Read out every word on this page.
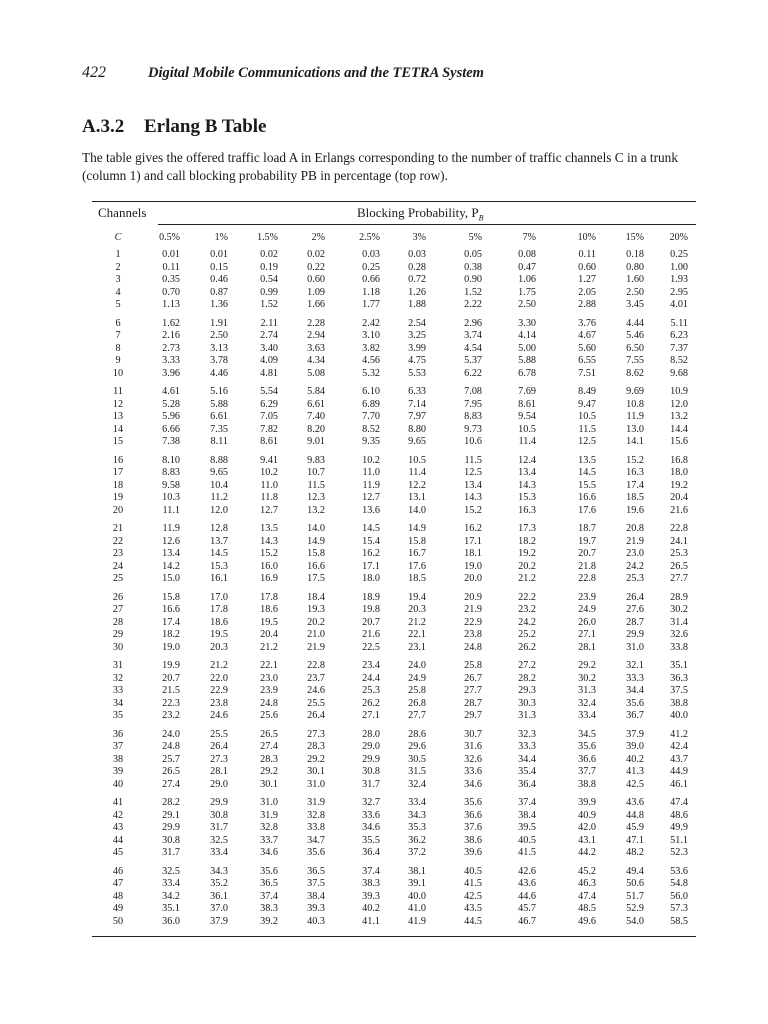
422	Digital Mobile Communications and the TETRA System
A.3.2 Erlang B Table

The table gives the offered traffic load A in Erlangs corresponding to the number of traffic channels C in a trunk (column 1) and call blocking probability PB in percentage (top row).

Channels	Blocking Probability, $P_B$
C	0.5%	1%	1.5%	2%	2.5%	3%	5%	7%	10%	15%	20%
1	0.01	0.01	0.02	0.02	0.03	0.03	0.05	0.08	0.11	0.18	0.25
2	0.11	0.15	0.19	0.22	0.25	0.28	0.38	0.47	0.60	0.80	1.00
3	0.35	0.46	0.54	0.60	0.66	0.72	0.90	1.06	1.27	1.60	1.93
4	0.70	0.87	0.99	1.09	1.18	1.26	1.52	1.75	2.05	2.50	2.95
5	1.13	1.36	1.52	1.66	1.77	1.88	2.22	2.50	2.88	3.45	4.01
6	1.62	1.91	2.11	2.28	2.42	2.54	2.96	3.30	3.76	4.44	5.11
7	2.16	2.50	2.74	2.94	3.10	3.25	3.74	4.14	4.67	5.46	6.23
8	2.73	3.13	3.40	3.63	3.82	3.99	4.54	5.00	5.60	6.50	7.37
9	3.33	3.78	4.09	4.34	4.56	4.75	5.37	5.88	6.55	7.55	8.52
10	3.96	4.46	4.81	5.08	5.32	5.53	6.22	6.78	7.51	8.62	9.68
11	4.61	5.16	5.54	5.84	6.10	6.33	7.08	7.69	8.49	9.69	10.9
12	5.28	5.88	6.29	6.61	6.89	7.14	7.95	8.61	9.47	10.8	12.0
13	5.96	6.61	7.05	7.40	7.70	7.97	8.83	9.54	10.5	11.9	13.2
14	6.66	7.35	7.82	8.20	8.52	8.80	9.73	10.5	11.5	13.0	14.4
15	7.38	8.11	8.61	9.01	9.35	9.65	10.6	11.4	12.5	14.1	15.6
16	8.10	8.88	9.41	9.83	10.2	10.5	11.5	12.4	13.5	15.2	16.8
17	8.83	9.65	10.2	10.7	11.0	11.4	12.5	13.4	14.5	16.3	18.0
18	9.58	10.4	11.0	11.5	11.9	12.2	13.4	14.3	15.5	17.4	19.2
19	10.3	11.2	11.8	12.3	12.7	13.1	14.3	15.3	16.6	18.5	20.4
20	11.1	12.0	12.7	13.2	13.6	14.0	15.2	16.3	17.6	19.6	21.6
21	11.9	12.8	13.5	14.0	14.5	14.9	16.2	17.3	18.7	20.8	22.8
22	12.6	13.7	14.3	14.9	15.4	15.8	17.1	18.2	19.7	21.9	24.1
23	13.4	14.5	15.2	15.8	16.2	16.7	18.1	19.2	20.7	23.0	25.3
24	14.2	15.3	16.0	16.6	17.1	17.6	19.0	20.2	21.8	24.2	26.5
25	15.0	16.1	16.9	17.5	18.0	18.5	20.0	21.2	22.8	25.3	27.7
26	15.8	17.0	17.8	18.4	18.9	19.4	20.9	22.2	23.9	26.4	28.9
27	16.6	17.8	18.6	19.3	19.8	20.3	21.9	23.2	24.9	27.6	30.2
28	17.4	18.6	19.5	20.2	20.7	21.2	22.9	24.2	26.0	28.7	31.4
29	18.2	19.5	20.4	21.0	21.6	22.1	23.8	25.2	27.1	29.9	32.6
30	19.0	20.3	21.2	21.9	22.5	23.1	24.8	26.2	28.1	31.0	33.8
31	19.9	21.2	22.1	22.8	23.4	24.0	25.8	27.2	29.2	32.1	35.1
32	20.7	22.0	23.0	23.7	24.4	24.9	26.7	28.2	30.2	33.3	36.3
33	21.5	22.9	23.9	24.6	25.3	25.8	27.7	29.3	31.3	34.4	37.5
34	22.3	23.8	24.8	25.5	26.2	26.8	28.7	30.3	32.4	35.6	38.8
35	23.2	24.6	25.6	26.4	27.1	27.7	29.7	31.3	33.4	36.7	40.0
36	24.0	25.5	26.5	27.3	28.0	28.6	30.7	32.3	34.5	37.9	41.2
37	24.8	26.4	27.4	28.3	29.0	29.6	31.6	33.3	35.6	39.0	42.4
38	25.7	27.3	28.3	29.2	29.9	30.5	32.6	34.4	36.6	40.2	43.7
39	26.5	28.1	29.2	30.1	30.8	31.5	33.6	35.4	37.7	41.3	44.9
40	27.4	29.0	30.1	31.0	31.7	32.4	34.6	36.4	38.8	42.5	46.1
41	28.2	29.9	31.0	31.9	32.7	33.4	35.6	37.4	39.9	43.6	47.4
42	29.1	30.8	31.9	32.8	33.6	34.3	36.6	38.4	40.9	44.8	48.6
43	29.9	31.7	32.8	33.8	34.6	35.3	37.6	39.5	42.0	45.9	49.9
44	30.8	32.5	33.7	34.7	35.5	36.2	38.6	40.5	43.1	47.1	51.1
45	31.7	33.4	34.6	35.6	36.4	37.2	39.6	41.5	44.2	48.2	52.3
46	32.5	34.3	35.6	36.5	37.4	38.1	40.5	42.6	45.2	49.4	53.6
47	33.4	35.2	36.5	37.5	38.3	39.1	41.5	43.6	46.3	50.6	54.8
48	34.2	36.1	37.4	38.4	39.3	40.0	42.5	44.6	47.4	51.7	56.0
49	35.1	37.0	38.3	39.3	40.2	41.0	43.5	45.7	48.5	52.9	57.3
50	36.0	37.9	39.2	40.3	41.1	41.9	44.5	46.7	49.6	54.0	58.5
